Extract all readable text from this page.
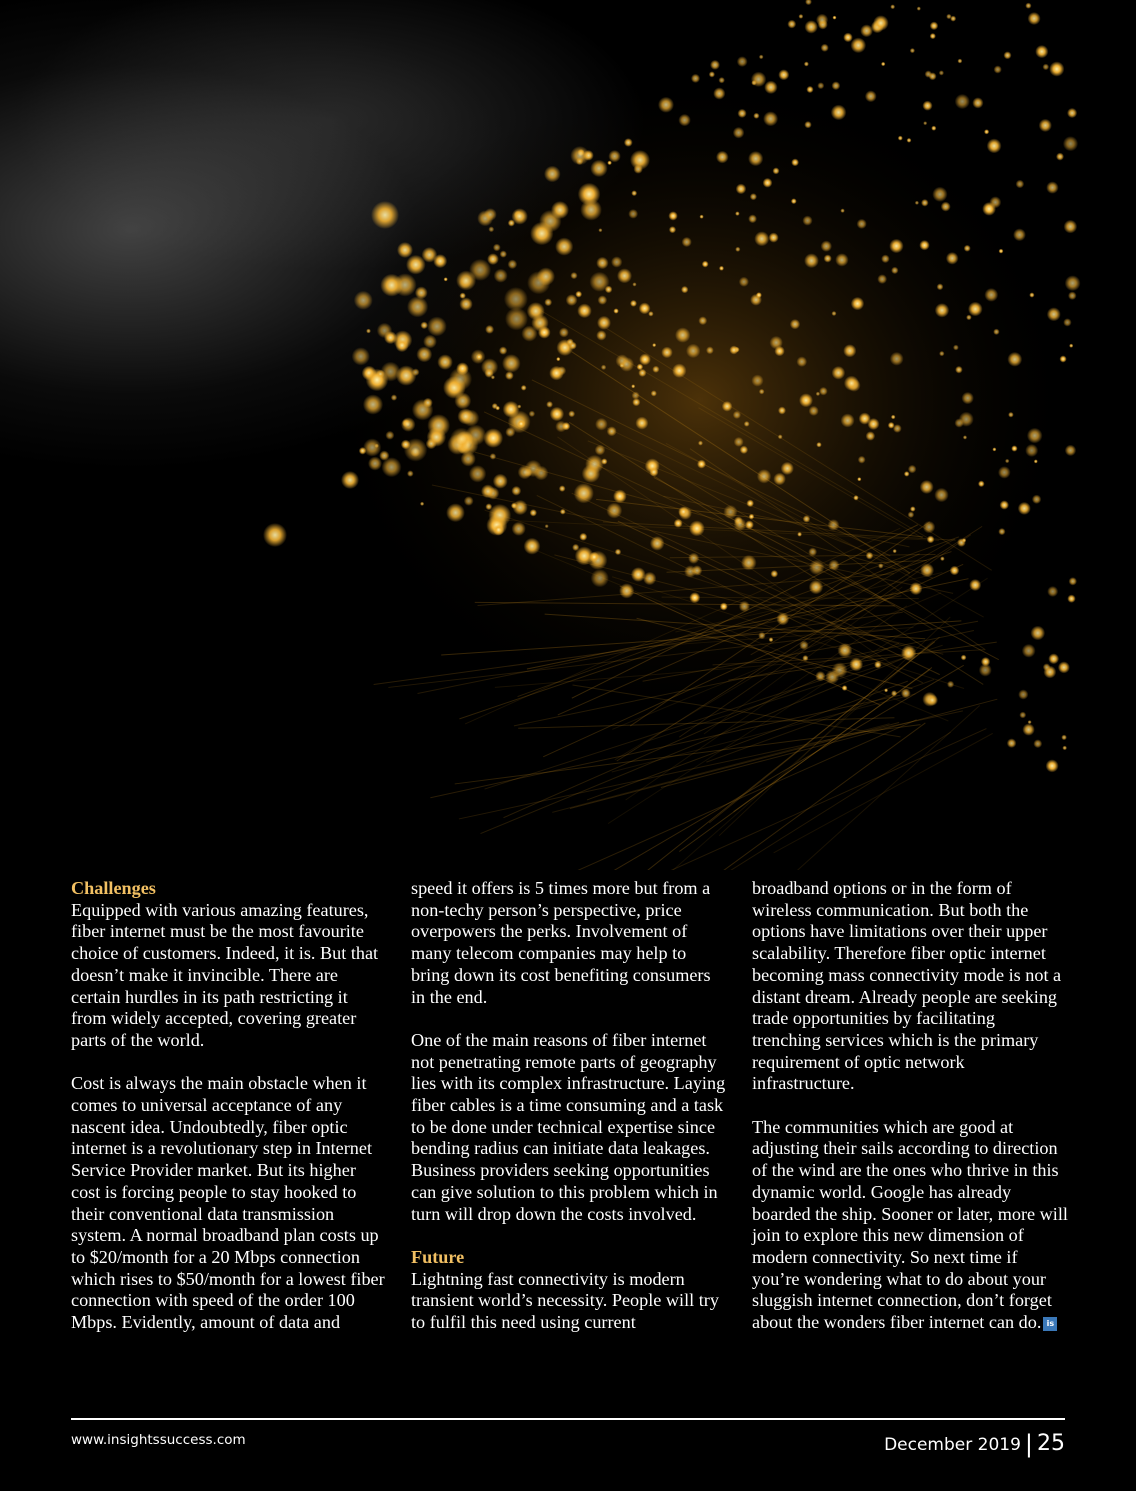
Challenges

Equipped with various amazing features, fiber internet must be the most favourite choice of customers. Indeed, it is. But that doesn’t make it invincible. There are certain hurdles in its path restricting it from widely accepted, covering greater parts of the world.

Cost is always the main obstacle when it comes to universal acceptance of any nascent idea. Undoubtedly, fiber optic internet is a revolutionary step in Internet Service Provider market. But its higher cost is forcing people to stay hooked to their conventional data transmission system. A normal broadband plan costs up to $20/month for a 20 Mbps connection which rises to $50/month for a lowest fiber connection with speed of the order 100 Mbps. Evidently, amount of data and

speed it offers is 5 times more but from a non-techy person’s perspective, price overpowers the perks. Involvement of many telecom companies may help to bring down its cost benefiting consumers in the end.

One of the main reasons of fiber internet not penetrating remote parts of geography lies with its complex infrastructure. Laying fiber cables is a time consuming and a task to be done under technical expertise since bending radius can initiate data leakages. Business providers seeking opportunities can give solution to this problem which in turn will drop down the costs involved.

Future

Lightning fast connectivity is modern transient world’s necessity. People will try to fulfil this need using current

broadband options or in the form of wireless communication. But both the options have limitations over their upper scalability. Therefore fiber optic internet becoming mass connectivity mode is not a distant dream. Already people are seeking trade opportunities by facilitating trenching services which is the primary requirement of optic network infrastructure.

The communities which are good at adjusting their sails according to direction of the wind are the ones who thrive in this dynamic world. Google has already boarded the ship. Sooner or later, more will join to explore this new dimension of modern connectivity. So next time if you’re wondering what to do about your sluggish internet connection, don’t forget about the wonders fiber internet can do. is

www.insightssuccess.com	December 2019 | 25
